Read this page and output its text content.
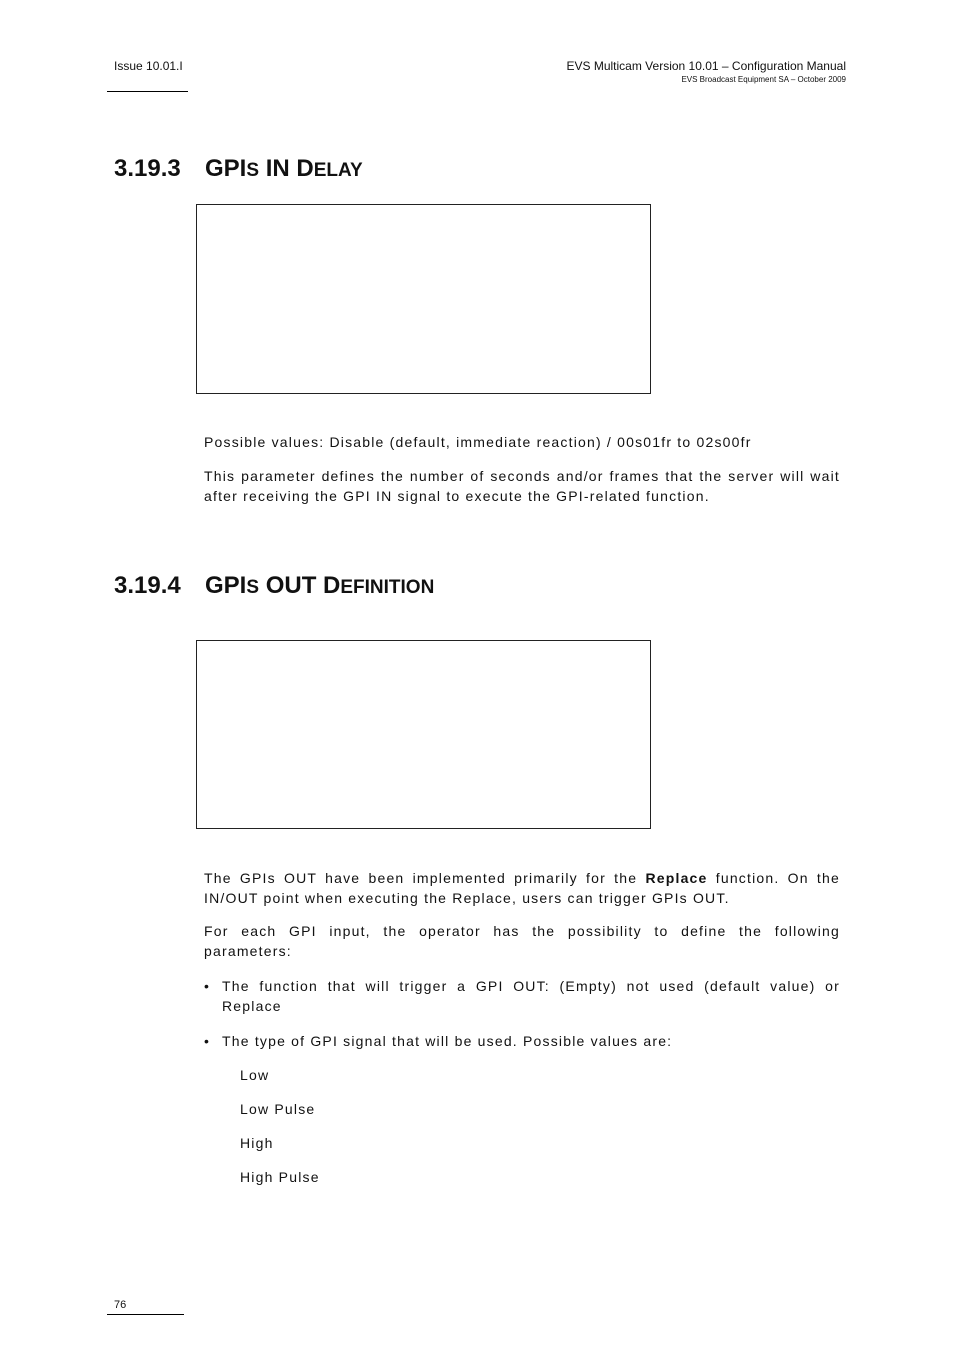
Issue 10.01.I	EVS Multicam Version 10.01 – Configuration Manual
EVS Broadcast Equipment SA – October 2009
3.19.3 GPIS IN DELAY
Possible values: Disable (default, immediate reaction) / 00s01fr to 02s00fr
This parameter defines the number of seconds and/or frames that the server will wait after receiving the GPI IN signal to execute the GPI-related function.
3.19.4 GPIS OUT DEFINITION
The GPIs OUT have been implemented primarily for the Replace function. On the IN/OUT point when executing the Replace, users can trigger GPIs OUT.
For each GPI input, the operator has the possibility to define the following parameters:
• The function that will trigger a GPI OUT: (Empty) not used (default value) or Replace
• The type of GPI signal that will be used. Possible values are:
Low
Low Pulse
High
High Pulse
76
